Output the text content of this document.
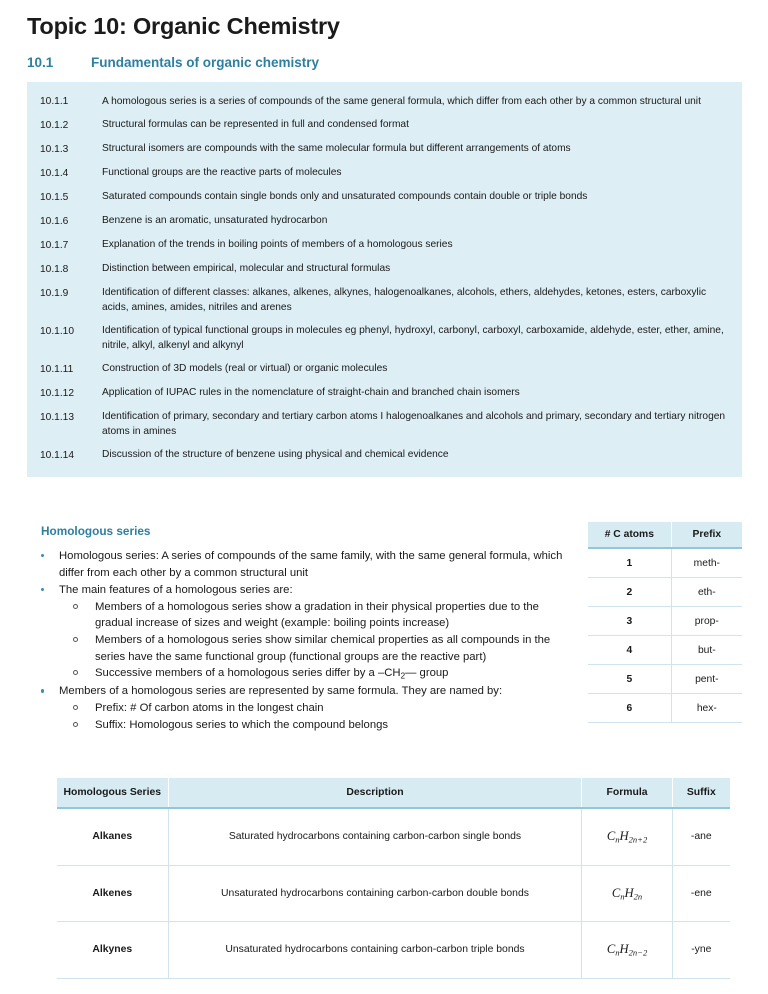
Topic 10: Organic Chemistry
10.1	Fundamentals of organic chemistry
10.1.1	A homologous series is a series of compounds of the same general formula, which differ from each other by a common structural unit
10.1.2	Structural formulas can be represented in full and condensed format
10.1.3	Structural isomers are compounds with the same molecular formula but different arrangements of atoms
10.1.4	Functional groups are the reactive parts of molecules
10.1.5	Saturated compounds contain single bonds only and unsaturated compounds contain double or triple bonds
10.1.6	Benzene is an aromatic, unsaturated hydrocarbon
10.1.7	Explanation of the trends in boiling points of members of a homologous series
10.1.8	Distinction between empirical, molecular and structural formulas
10.1.9	Identification of different classes: alkanes, alkenes, alkynes, halogenoalkanes, alcohols, ethers, aldehydes, ketones, esters, carboxylic acids, amines, amides, nitriles and arenes
10.1.10	Identification of typical functional groups in molecules eg phenyl, hydroxyl, carbonyl, carboxyl, carboxamide, aldehyde, ester, ether, amine, nitrile, alkyl, alkenyl and alkynyl
10.1.11	Construction of 3D models (real or virtual) or organic molecules
10.1.12	Application of IUPAC rules in the nomenclature of straight-chain and branched chain isomers
10.1.13	Identification of primary, secondary and tertiary carbon atoms I halogenoalkanes and alcohols and primary, secondary and tertiary nitrogen atoms in amines
10.1.14	Discussion of the structure of benzene using physical and chemical evidence
Homologous series
Homologous series: A series of compounds of the same family, with the same general formula, which differ from each other by a common structural unit
The main features of a homologous series are:
Members of a homologous series show a gradation in their physical properties due to the gradual increase of sizes and weight (example: boiling points increase)
Members of a homologous series show similar chemical properties as all compounds in the series have the same functional group (functional groups are the reactive part)
Successive members of a homologous series differ by a $-CH_2—$ group
Members of a homologous series are represented by same formula. They are named by:
Prefix: # Of carbon atoms in the longest chain
Suffix: Homologous series to which the compound belongs
# C atoms	Prefix
1	meth-
2	eth-
3	prop-
4	but-
5	pent-
6	hex-
Homologous Series	Description	Formula	Suffix
Alkanes	Saturated hydrocarbons containing carbon-carbon single bonds	$C_nH_{2n+2}$	-ane
Alkenes	Unsaturated hydrocarbons containing carbon-carbon double bonds	$C_nH_{2n}$	-ene
Alkynes	Unsaturated hydrocarbons containing carbon-carbon triple bonds	$C_nH_{2n-2}$	-yne
